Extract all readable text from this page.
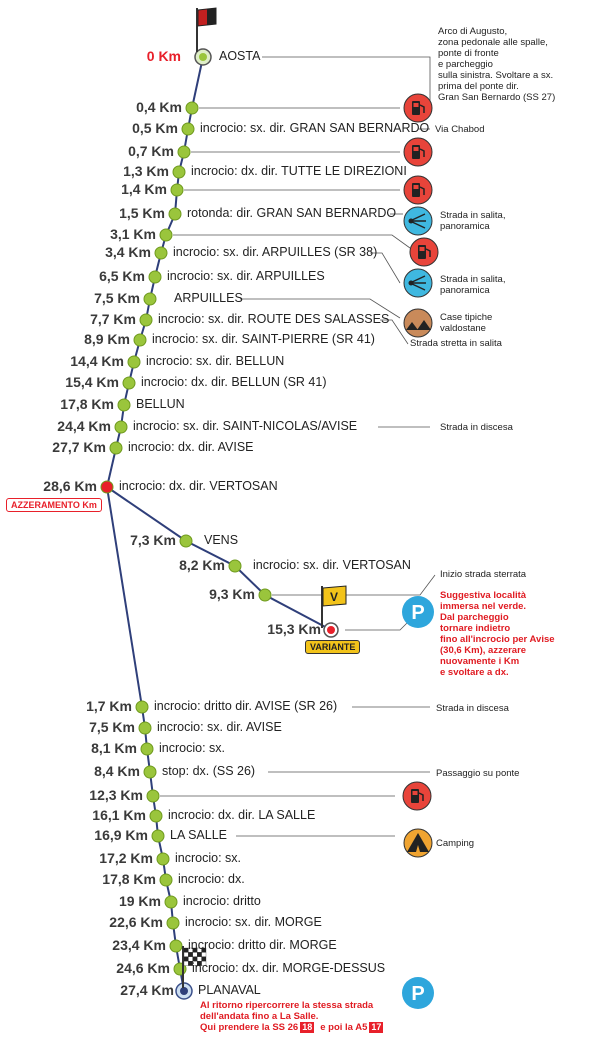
V
P
P
0 Km	AOSTA
0,4 Km
0,5 Km incrocio: sx. dir. GRAN SAN BERNARDO
0,7 Km
1,3 Km incrocio: dx. dir. TUTTE LE DIREZIONI
1,4 Km
1,5 Km rotonda: dir. GRAN SAN BERNARDO
3,1 Km
3,4 Km incrocio: sx. dir. ARPUILLES (SR 38)
6,5 Km incrocio: sx. dir. ARPUILLES
7,5 Km	ARPUILLES
7,7 Km incrocio: sx. dir. ROUTE DES SALASSES
8,9 Km incrocio: sx. dir. SAINT-PIERRE (SR 41)
14,4 Km incrocio: sx. dir. BELLUN
15,4 Km incrocio: dx. dir. BELLUN (SR 41)
17,8 Km BELLUN
24,4 Km incrocio: sx. dir. SAINT-NICOLAS/AVISE
27,7 Km incrocio: dx. dir. AVISE
28,6 Km incrocio: dx. dir. VERTOSAN
7,3 Km VENS
8,2 Km incrocio: sx. dir. VERTOSAN
9,3 Km
15,3 Km
1,7 Km incrocio: dritto dir. AVISE (SR 26)
7,5 Km incrocio: sx. dir. AVISE
8,1 Km incrocio: sx.
8,4 Km stop: dx. (SS 26)
12,3 Km
16,1 Km incrocio: dx. dir. LA SALLE
16,9 Km LA SALLE
17,2 Km incrocio: sx.
17,8 Km incrocio: dx.
19 Km incrocio: dritto
22,6 Km incrocio: sx. dir. MORGE
23,4 Km incrocio: dritto dir. MORGE
24,6 Km incrocio: dx. dir. MORGE-DESSUS
27,4 Km PLANAVAL
AZZERAMENTO Km
VARIANTE
Arco di Augusto,
zona pedonale alle spalle,
ponte di fronte
e parcheggio
sulla sinistra. Svoltare a sx.
prima del ponte dir.
Gran San Bernardo (SS 27)
Via Chabod
Strada in salita,
panoramica
Strada in salita,
panoramica
Case tipiche
valdostane
Strada stretta in salita
Strada in discesa
Inizio strada sterrata
Suggestiva località
immersa nel verde.
Dal parcheggio
tornare indietro
fino all'incrocio per Avise
(30,6 Km), azzerare
nuovamente i Km
e svoltare a dx.
Strada in discesa
Passaggio su ponte
Camping
Al ritorno ripercorrere la stessa strada
dell'andata fino a La Salle.
Qui prendere la SS 26 18 e poi la A5 17
